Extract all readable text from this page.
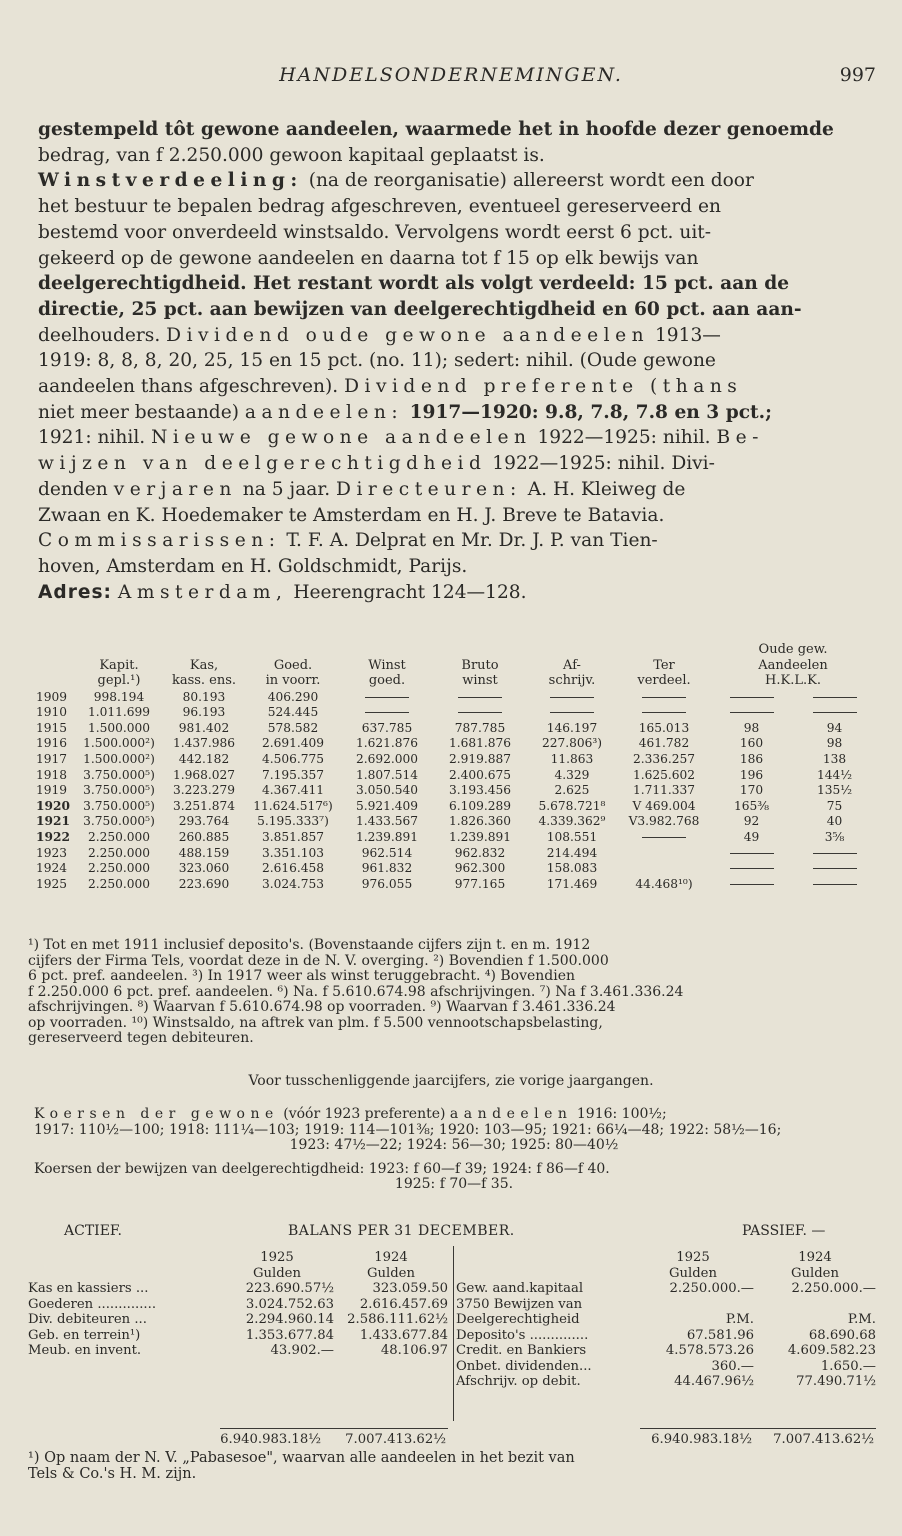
HANDELSONDERNEMINGEN.	997
gestempeld tôt gewone aandeelen, waarmede het in hoofde dezer genoemde
bedrag, van f 2.250.000 gewoon kapitaal geplaatst is.
Winstverdeeling: (na de reorganisatie) allereerst wordt een door
het bestuur te bepalen bedrag afgeschreven, eventueel gereserveerd en
bestemd voor onverdeeld winstsaldo. Vervolgens wordt eerst 6 pct. uit-
gekeerd op de gewone aandeelen en daarna tot f 15 op elk bewijs van
deelgerechtigdheid. Het restant wordt als volgt verdeeld: 15 pct. aan de
directie, 25 pct. aan bewijzen van deelgerechtigdheid en 60 pct. aan aan-
deelhouders. Dividend oude gewone aandeelen 1913—
1919: 8, 8, 8, 20, 25, 15 en 15 pct. (no. 11); sedert: nihil. (Oude gewone
aandeelen thans afgeschreven). Dividend preferente (thans
niet meer bestaande) aandeelen: 1917—1920: 9.8, 7.8, 7.8 en 3 pct.;
1921: nihil. Nieuwe gewone aandeelen 1922—1925: nihil. Be-
wijzen van deelgerechtigdheid 1922—1925: nihil. Divi-
denden verjaren na 5 jaar. Directeuren: A. H. Kleiweg de
Zwaan en K. Hoedemaker te Amsterdam en H. J. Breve te Batavia.
Commissarissen: T. F. A. Delprat en Mr. Dr. J. P. van Tien-
hoven, Amsterdam en H. Goldschmidt, Parijs.
Adres: Amsterdam, Heerengracht 124—128.
								Oude gew.	
	Kapit.	Kas,	Goed.	Winst	Bruto	Af-	Ter	Aandeelen	
	gepl.¹)	kass. ens.	in voorr.	goed.	winst	schrijv.	verdeel.	H.K.L.K.	
1909	998.194	80.193	406.290						
1910	1.011.699	96.193	524.445						
1915	1.500.000	981.402	578.582	637.785	787.785	146.197	165.013	98	94
1916	1.500.000²)	1.437.986	2.691.409	1.621.876	1.681.876	227.806³)	461.782	160	98
1917	1.500.000²)	442.182	4.506.775	2.692.000	2.919.887	11.863	2.336.257	186	138
1918	3.750.000⁵)	1.968.027	7.195.357	1.807.514	2.400.675	4.329	1.625.602	196	144½
1919	3.750.000⁵)	3.223.279	4.367.411	3.050.540	3.193.456	2.625	1.711.337	170	135½
1920	3.750.000⁵)	3.251.874	11.624.517⁶)	5.921.409	6.109.289	5.678.721⁸	V 469.004	165⅜	75
1921	3.750.000⁵)	293.764	5.195.333⁷)	1.433.567	1.826.360	4.339.362⁹	V3.982.768	92	40
1922	2.250.000	260.885	3.851.857	1.239.891	1.239.891	108.551		49	3⅝
1923	2.250.000	488.159	3.351.103	962.514	962.832	214.494			
1924	2.250.000	323.060	2.616.458	961.832	962.300	158.083			
1925	2.250.000	223.690	3.024.753	976.055	977.165	171.469	44.468¹⁰)		
¹) Tot en met 1911 inclusief deposito's. (Bovenstaande cijfers zijn t. en m. 1912
cijfers der Firma Tels, voordat deze in de N. V. overging. ²) Bovendien f 1.500.000
6 pct. pref. aandeelen. ³) In 1917 weer als winst teruggebracht. ⁴) Bovendien
f 2.250.000 6 pct. pref. aandeelen. ⁶) Na. f 5.610.674.98 afschrijvingen. ⁷) Na f 3.461.336.24
afschrijvingen. ⁸) Waarvan f 5.610.674.98 op voorraden. ⁹) Waarvan f 3.461.336.24
op voorraden. ¹⁰) Winstsaldo, na aftrek van plm. f 5.500 vennootschapsbelasting,
gereserveerd tegen debiteuren.
Voor tusschenliggende jaarcijfers, zie vorige jaargangen.
Koersen der gewone (vóór 1923 preferente) aandeelen 1916: 100½;
1917: 110½—100; 1918: 111¼—103; 1919: 114—101⅜; 1920: 103—95; 1921: 66¼—48; 1922: 58½—16;
1923: 47½—22; 1924: 56—30; 1925: 80—40½
Koersen der bewijzen van deelgerechtigdheid: 1923: f 60—f 39; 1924: f 86—f 40.
1925: f 70—f 35.
ACTIEF.	BALANS PER 31 DECEMBER.	PASSIEF. —
	1925	1924
	Gulden	Gulden
Kas en kassiers ...	223.690.57½	323.059.50
Goederen ..............	3.024.752.63	2.616.457.69
Div. debiteuren ...	2.294.960.14	2.586.111.62½
Geb. en terrein¹)	1.353.677.84	1.433.677.84
Meub. en invent.	43.902.—	48.106.97
	1925	1924
	Gulden	Gulden
Gew. aand.kapitaal	2.250.000.—	2.250.000.—
3750 Bewijzen van		
Deelgerechtigheid	P.M.	P.M.
Deposito's ..............	67.581.96	68.690.68
Credit. en Bankiers	4.578.573.26	4.609.582.23
Onbet. dividenden...	360.—	1.650.—
Afschrijv. op debit.	44.467.96½	77.490.71½
6.940.983.18½ 7.007.413.62½	6.940.983.18½ 7.007.413.62½
¹) Op naam der N. V. „Pabasesoe", waarvan alle aandeelen in het bezit van
Tels & Co.'s H. M. zijn.
